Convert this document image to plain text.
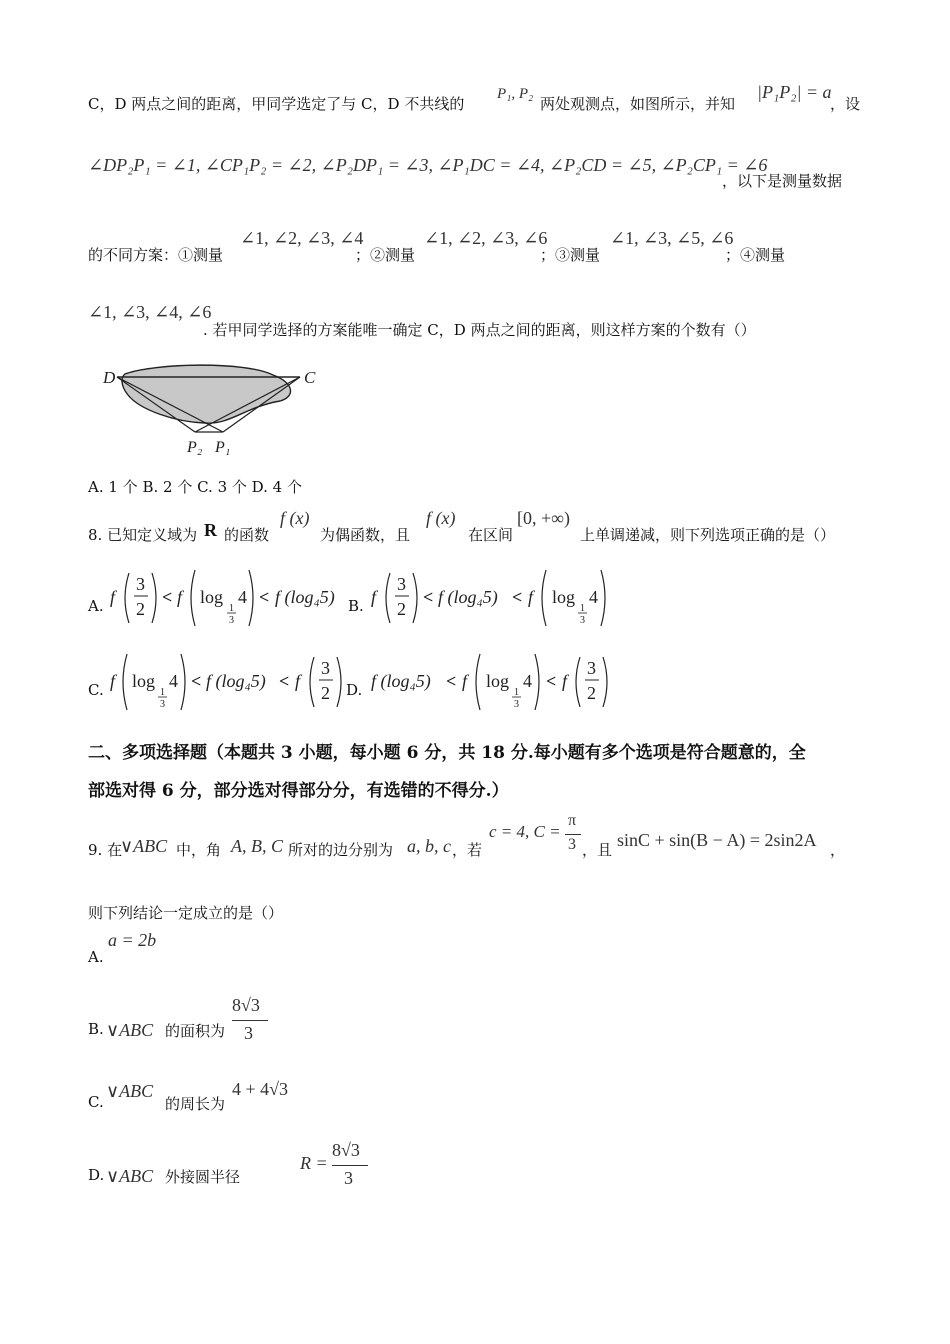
C，D 两点之间的距离，甲同学选定了与 C，D 不共线的
P₁, P₂
两处观测点，如图所示，并知
|P₁P₂| = a
，设
∠DP₂P₁ = ∠1, ∠CP₁P₂ = ∠2, ∠P₂DP₁ = ∠3, ∠P₁DC = ∠4, ∠P₂CD = ∠5, ∠P₂CP₁ = ∠6
，以下是测量数据
的不同方案：①测量
∠1, ∠2, ∠3, ∠4
；②测量
∠1, ∠2, ∠3, ∠6
；③测量
∠1, ∠3, ∠5, ∠6
；④测量
∠1, ∠3, ∠4, ∠6
. 若甲同学选择的方案能唯一确定 C，D 两点之间的距离，则这样方案的个数有（）
D	C
P₂ P₁
A. 1 个 B. 2 个 C. 3 个 D. 4 个
8. 已知定义域为 R 的函数
f (x)
为偶函数，且
f (x)
在区间
[0, +∞)
上单调递减，则下列选项正确的是（）
A. f
3
2
< f log
1
3
4 < f (log₄5) B. f
3
2
< f (log₄5) < f log
1
3
4
C. f log
1
3
4 < f (log₄5) < f
3
2 D. f (log₄5) < f log
1
3
4 < f
3
2
二、多项选择题（本题共 3 小题，每小题 6 分，共 18 分.每小题有多个选项是符合题意的，全
部选对得 6 分，部分选对得部分分，有选错的不得分.）
9. 在
∨ABC 中，角 A, B, C 所对的边分别为 a, b, c ，若
c = 4, C =
π
3 ，且 sinC + sin(B − A) = 2sin2A ，
则下列结论一定成立的是（）
A.
a = 2b
B. ∨ABC 的面积为
8√3
3
C.
∨ABC
的周长为
4 + 4√3
D. ∨ABC 外接圆半径
R =
8√3
3
